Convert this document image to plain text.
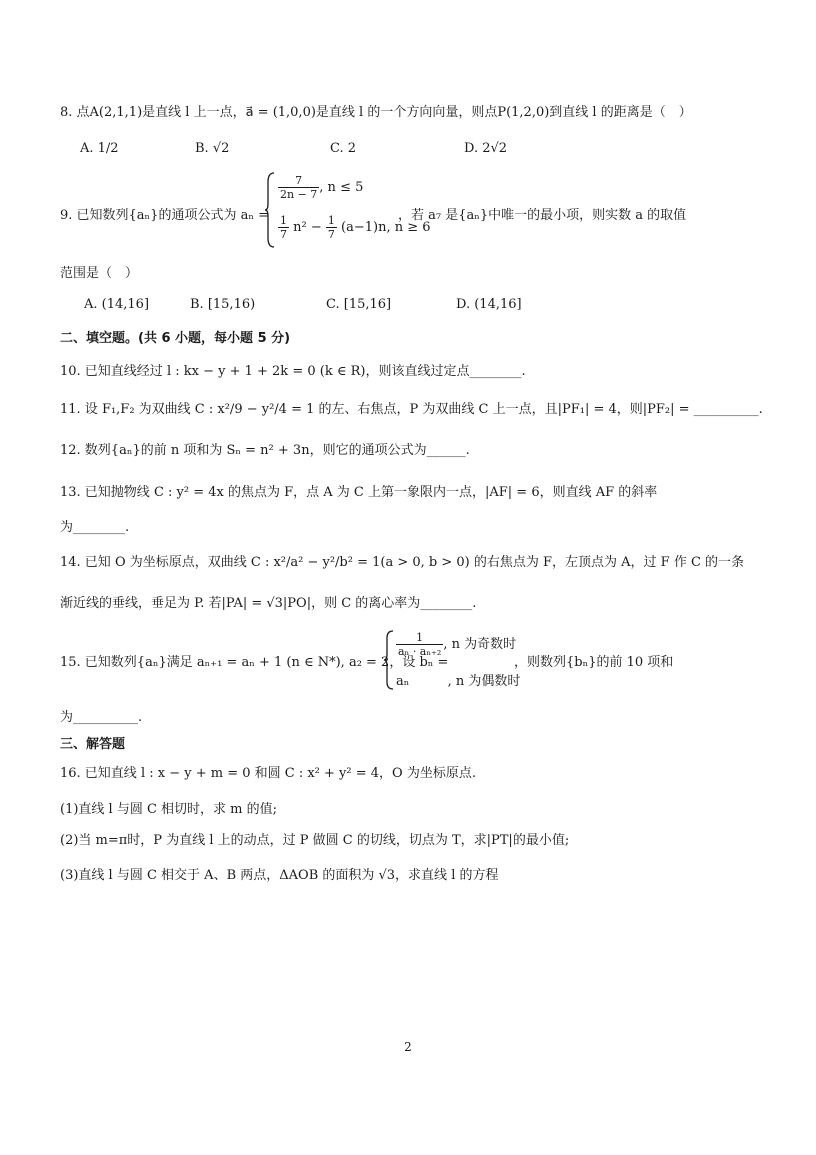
8. 点A(2,1,1)是直线 l 上一点，a⃗ = (1,0,0)是直线 l 的一个方向向量，则点P(1,2,0)到直线 l 的距离是（　）
A. 1/2	B. √2	C. 2	D. 2√2
9. 已知数列{aₙ}的通项公式为 aₙ =
$\frac{7}{2n - 7}$ , n ≤ 5
$\frac{1}{7} n^2 - \frac{1}{7} (a-1)n$, n ≥ 6
，若 a₇ 是{aₙ}中唯一的最小项，则实数 a 的取值
范围是（　）
A. (14,16]	B. [15,16)	C. [15,16]	D. (14,16]
二、填空题。(共 6 小题，每小题 5 分)
10. 已知直线经过 l : kx − y + 1 + 2k = 0 (k ∈ R)，则该直线过定点________.
11. 设 F₁,F₂ 为双曲线 C : x²/9 − y²/4 = 1 的左、右焦点，P 为双曲线 C 上一点，且|PF₁| = 4，则|PF₂| = __________.
12. 数列{aₙ}的前 n 项和为 Sₙ = n² + 3n，则它的通项公式为______.
13. 已知抛物线 C : y² = 4x 的焦点为 F，点 A 为 C 上第一象限内一点，|AF| = 6，则直线 AF 的斜率
为________.
14. 已知 O 为坐标原点，双曲线 C : x²/a² − y²/b² = 1(a > 0, b > 0) 的右焦点为 F，左顶点为 A，过 F 作 C 的一条
渐近线的垂线，垂足为 P. 若|PA| = √3|PO|，则 C 的离心率为________.
15. 已知数列{aₙ}满足 aₙ₊₁ = aₙ + 1 (n ∈ N*), a₂ = 2，设 bₙ =
$\frac{1}{\text{aₙ · aₙ₊₂}}$ , n 为奇数时
aₙ	, n 为偶数时
，则数列{bₙ}的前 10 项和
为__________.
三、解答题
16. 已知直线 l : x − y + m = 0 和圆 C : x² + y² = 4，O 为坐标原点.
(1)直线 l 与圆 C 相切时，求 m 的值;
(2)当 m=π时，P 为直线 l 上的动点，过 P 做圆 C 的切线，切点为 T，求|PT|的最小值;
(3)直线 l 与圆 C 相交于 A、B 两点，ΔAOB 的面积为 √3，求直线 l 的方程
2
